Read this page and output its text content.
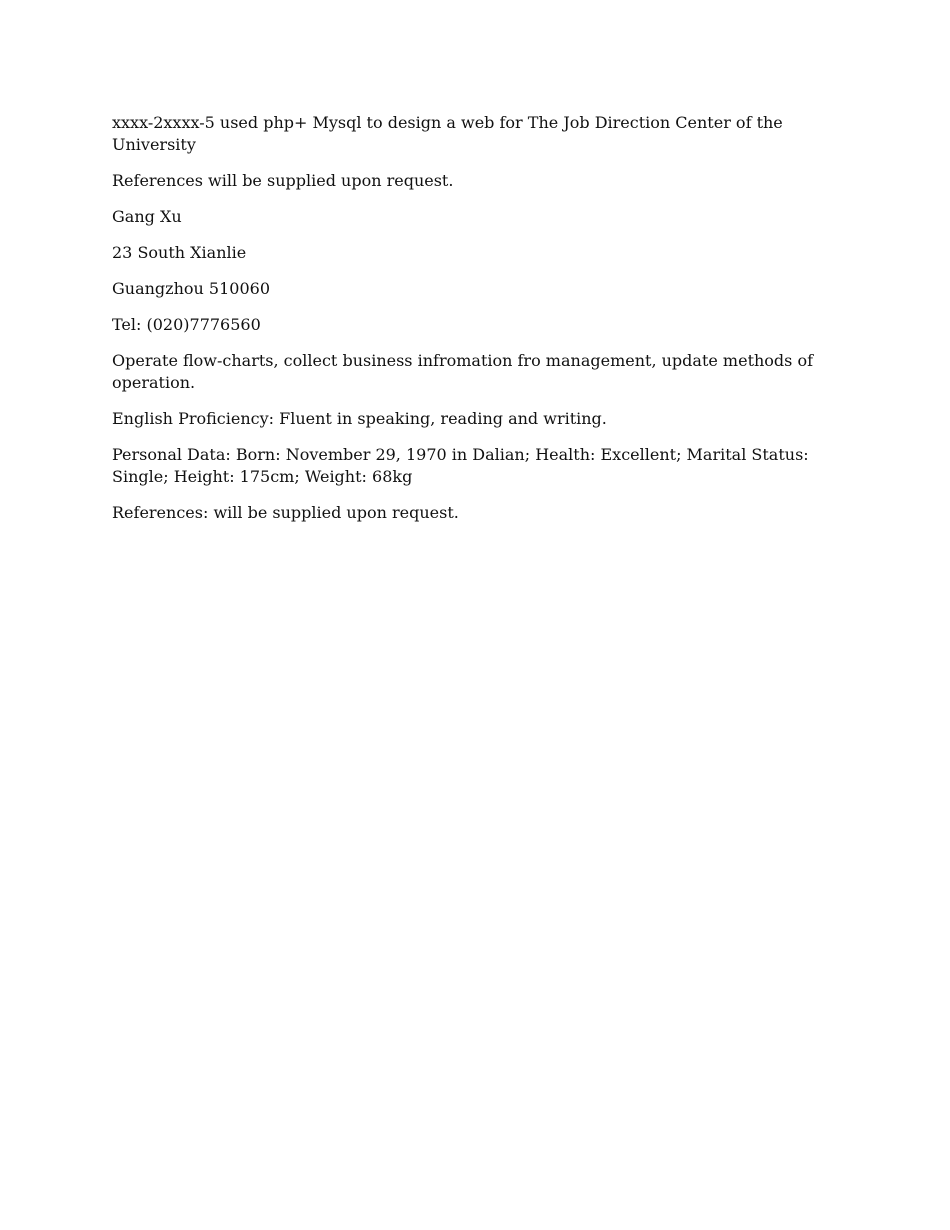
xxxx-2xxxx-5 used php+ Mysql to design a web for The Job Direction Center of the University

References will be supplied upon request.

Gang Xu

23 South Xianlie

Guangzhou 510060

Tel: (020)7776560

Operate flow-charts, collect business infromation fro management, update methods of operation.

English Proficiency: Fluent in speaking, reading and writing.

Personal Data: Born: November 29, 1970 in Dalian; Health: Excellent; Marital Status: Single; Height: 175cm; Weight: 68kg

References: will be supplied upon request.
